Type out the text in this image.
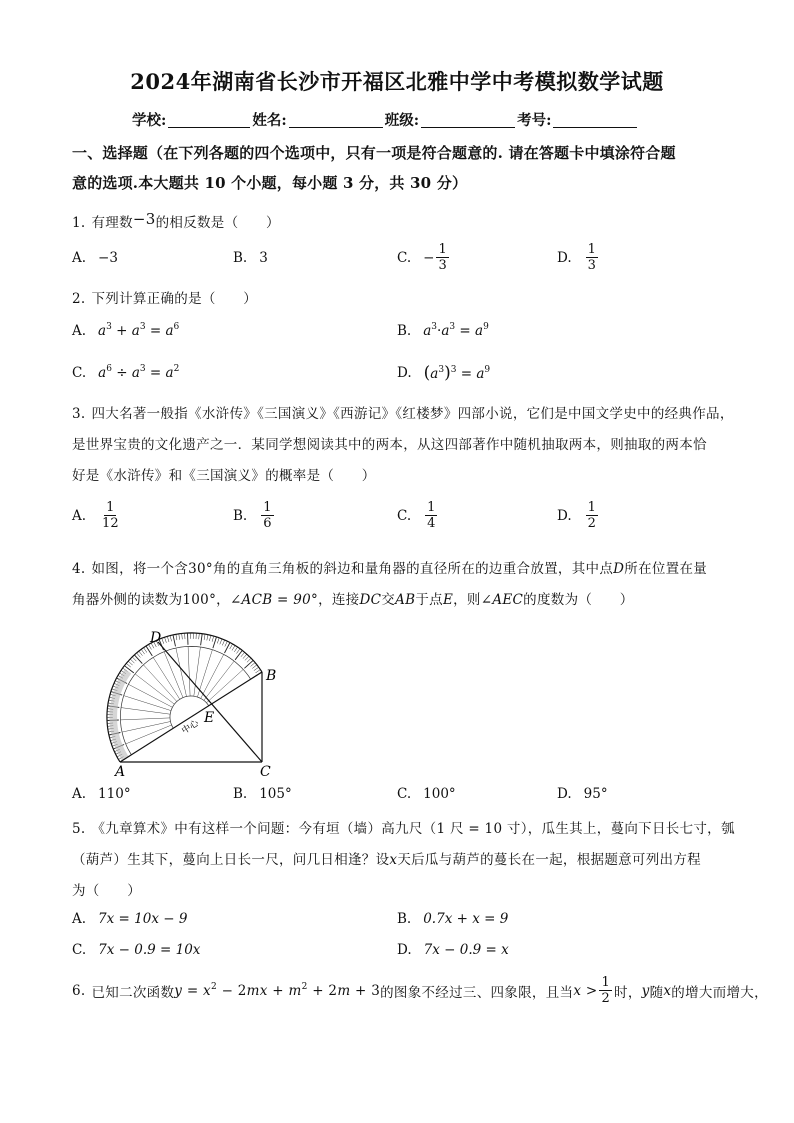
2024年湖南省长沙市开福区北雅中学中考模拟数学试题
学校:	姓名:	班级:	考号:
一、选择题（在下列各题的四个选项中，只有一项是符合题意的. 请在答题卡中填涂符合题
意的选项.本大题共 10 个小题，每小题 3 分，共 30 分）
1. 有理数−3的相反数是（　　）
A. −3	B. 3	C. − $\frac{1}{3}$	D. $\frac{1}{3}$
2. 下列计算正确的是（　　）
A. $a^3 + a^3 = a^6$	B. $a^3\cdot a^3 = a^9$
C. $a^6 \div a^3 = a^2$	D. $(a^3)^3 = a^9$
3. 四大名著一般指《水浒传》《三国演义》《西游记》《红楼梦》四部小说，它们是中国文学史中的经典作品，
是世界宝贵的文化遗产之一．某同学想阅读其中的两本，从这四部著作中随机抽取两本，则抽取的两本恰
好是《水浒传》和《三国演义》的概率是（　　）
A. $\frac{1}{12}$	B. $\frac{1}{6}$	C. $\frac{1}{4}$	D. $\frac{1}{2}$
4. 如图，将一个含30°角的直角三角板的斜边和量角器的直径所在的边重合放置，其中点D所在位置在量
角器外侧的读数为100°，∠ACB = 90°，连接DC交AB于点E，则∠AEC的度数为（　　）
D
B
E
A	C
中心
A. 110°	B. 105°	C. 100°	D. 95°
5. 《九章算术》中有这样一个问题：今有垣（墙）高九尺（1 尺 = 10 寸），瓜生其上，蔓向下日长七寸，瓠
（葫芦）生其下，蔓向上日长一尺，问几日相逢？设x天后瓜与葫芦的蔓长在一起，根据题意可列出方程
为（　　）
A. 7x = 10x − 9	B. 0.7x + x = 9
C. 7x − 0.9 = 10x	D. 7x − 0.9 = x
6. 已知二次函数 $y = x^2 - 2mx + m^2 + 2m + 3$ 的图象不经过三、四象限，且当 $x > \frac{1}{2}$ 时， y 随 x 的增大而增大，
